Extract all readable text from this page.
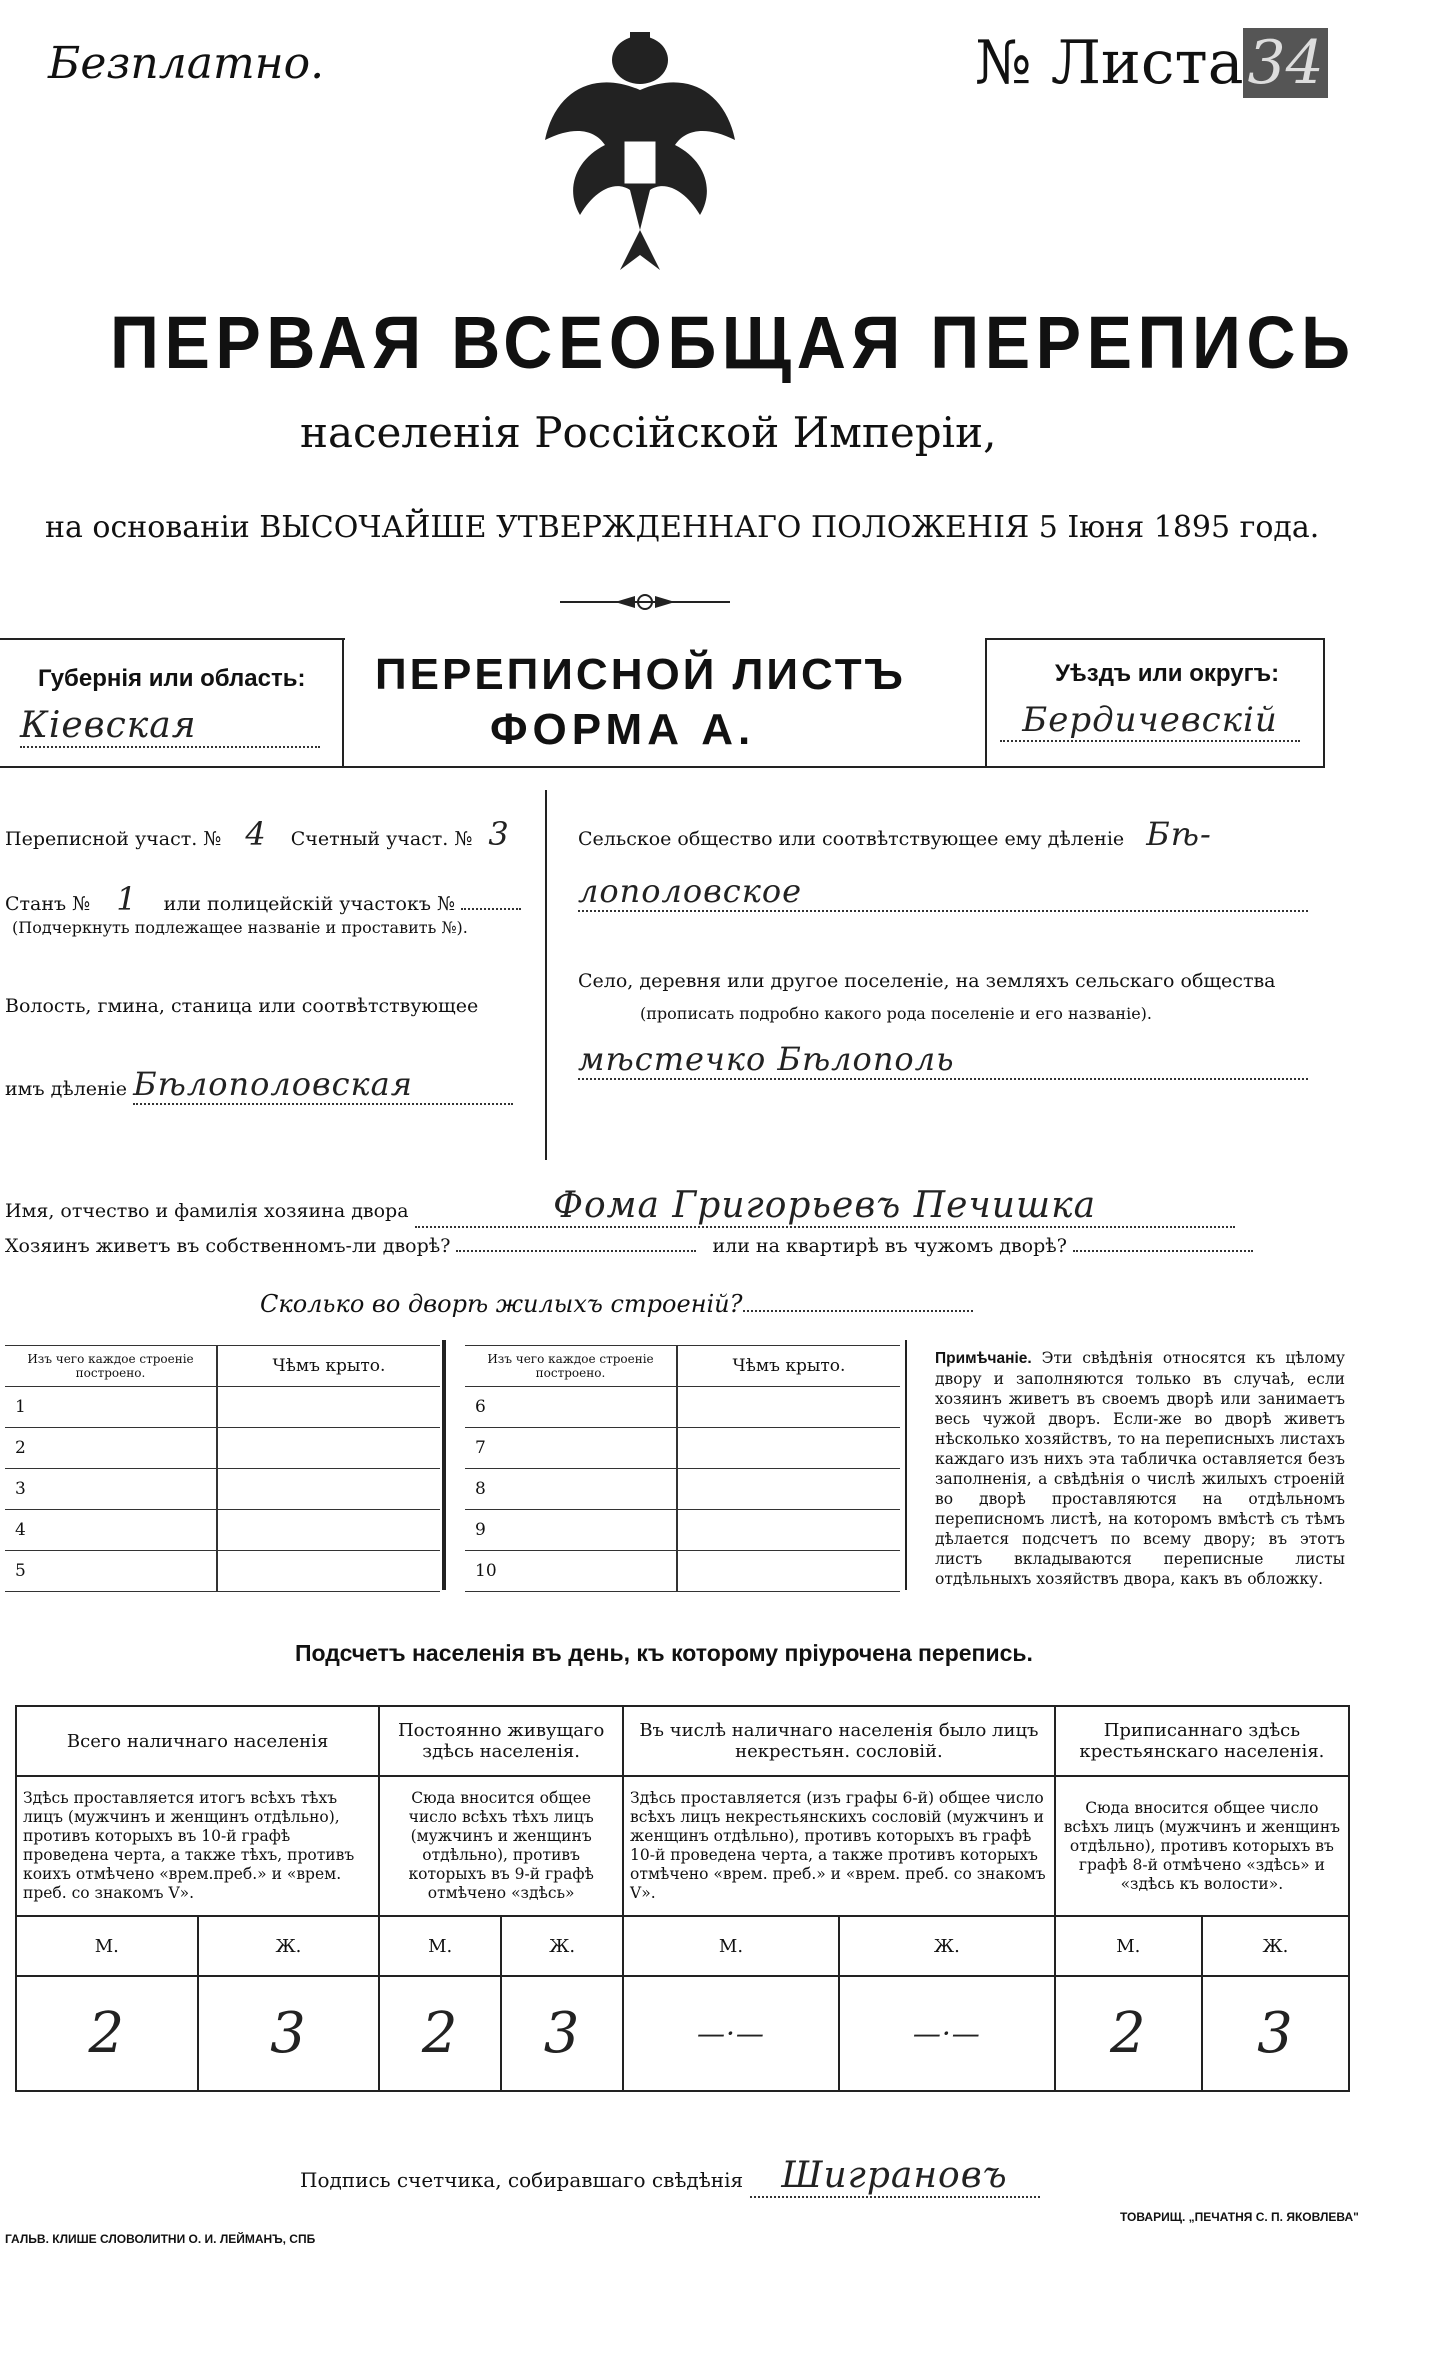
Безплатно.	№ Листа34
ПЕРВАЯ ВСЕОБЩАЯ ПЕРЕПИСЬ
населенія Россійской Имперіи,
на основаніи ВЫСОЧАЙШЕ УТВЕРЖДЕННАГО ПОЛОЖЕНІЯ 5 Іюня 1895 года.
Губернія или область:
Кіевская
ПЕРЕПИСНОЙ ЛИСТЪ
ФОРМА А.
Уѣздъ или округъ:
Бердичевскій
Переписной участ. № 4 Счетный участ. № 3
Станъ № 1 или полицейскій участокъ №
(Подчеркнуть подлежащее названіе и проставить №).
Волость, гмина, станица или соотвѣтствующее
имъ дѣленіе Бѣлополовская
Сельское общество или соотвѣтствующее ему дѣленіе Бѣ-
лополовское
Село, деревня или другое поселеніе, на земляхъ сельскаго общества
(прописать подробно какого рода поселеніе и его названіе).
мѣстечко Бѣлополь
Имя, отчество и фамилія хозяина двора	Фома Григорьевъ Печишка
Хозяинъ живетъ въ собственномъ-ли дворѣ?	или на квартирѣ въ чужомъ дворѣ?
Сколько во дворѣ жилыхъ строеній?
Изъ чего каждое строеніе построено.	Чѣмъ крыто.
1	
2	
3	
4	
5	
Изъ чего каждое строеніе построено.	Чѣмъ крыто.
6	
7	
8	
9	
10	
Примѣчаніе. Эти свѣдѣнія относятся къ цѣлому двору и заполняются только въ случаѣ, если хозяинъ живетъ въ своемъ дворѣ или занимаетъ весь чужой дворъ. Если-же во дворѣ живетъ нѣсколько хозяйствъ, то на переписныхъ листахъ каждаго изъ нихъ эта табличка оставляется безъ заполненія, а свѣдѣнія о числѣ жилыхъ строеній во дворѣ проставляются на отдѣльномъ переписномъ листѣ, на которомъ вмѣстѣ съ тѣмъ дѣлается подсчетъ по всему двору; въ этотъ листъ вкладываются переписные листы отдѣльныхъ хозяйствъ двора, какъ въ обложку.
Подсчетъ населенія въ день, къ которому пріурочена перепись.
Всего наличнаго населенія		Постоянно живущаго здѣсь населенія.		Въ числѣ наличнаго населенія было лицъ некрестьян. сословій.		Приписаннаго здѣсь крестьянскаго населенія.	
Здѣсь проставляется итогъ всѣхъ тѣхъ лицъ (мужчинъ и женщинъ отдѣльно), противъ которыхъ въ 10-й графѣ проведена черта, а также тѣхъ, противъ коихъ отмѣчено «врем.преб.» и «врем. преб. со знакомъ V».		Сюда вносится общее число всѣхъ тѣхъ лицъ (мужчинъ и женщинъ отдѣльно), противъ которыхъ въ 9-й графѣ отмѣчено «здѣсь»		Здѣсь проставляется (изъ графы 6-й) общее число всѣхъ лицъ некрестьянскихъ сословій (мужчинъ и женщинъ отдѣльно), противъ которыхъ въ графѣ 10-й проведена черта, а также противъ которыхъ отмѣчено «врем. преб.» и «врем. преб. со знакомъ V».		Сюда вносится общее число всѣхъ лицъ (мужчинъ и женщинъ отдѣльно), противъ которыхъ въ графѣ 8-й отмѣчено «здѣсь» и «здѣсь къ волости».	
М.	Ж.	М.	Ж.	М.	Ж.	М.	Ж.
2	3	2	3	—·—	—·—	2	3
Подпись счетчика, собиравшаго свѣдѣнія Шиграновъ
ГАЛЬВ. КЛИШЕ СЛОВОЛИТНИ О. И. ЛЕЙМАНЪ, СПБ
ТОВАРИЩ. „ПЕЧАТНЯ С. П. ЯКОВЛЕВА"
